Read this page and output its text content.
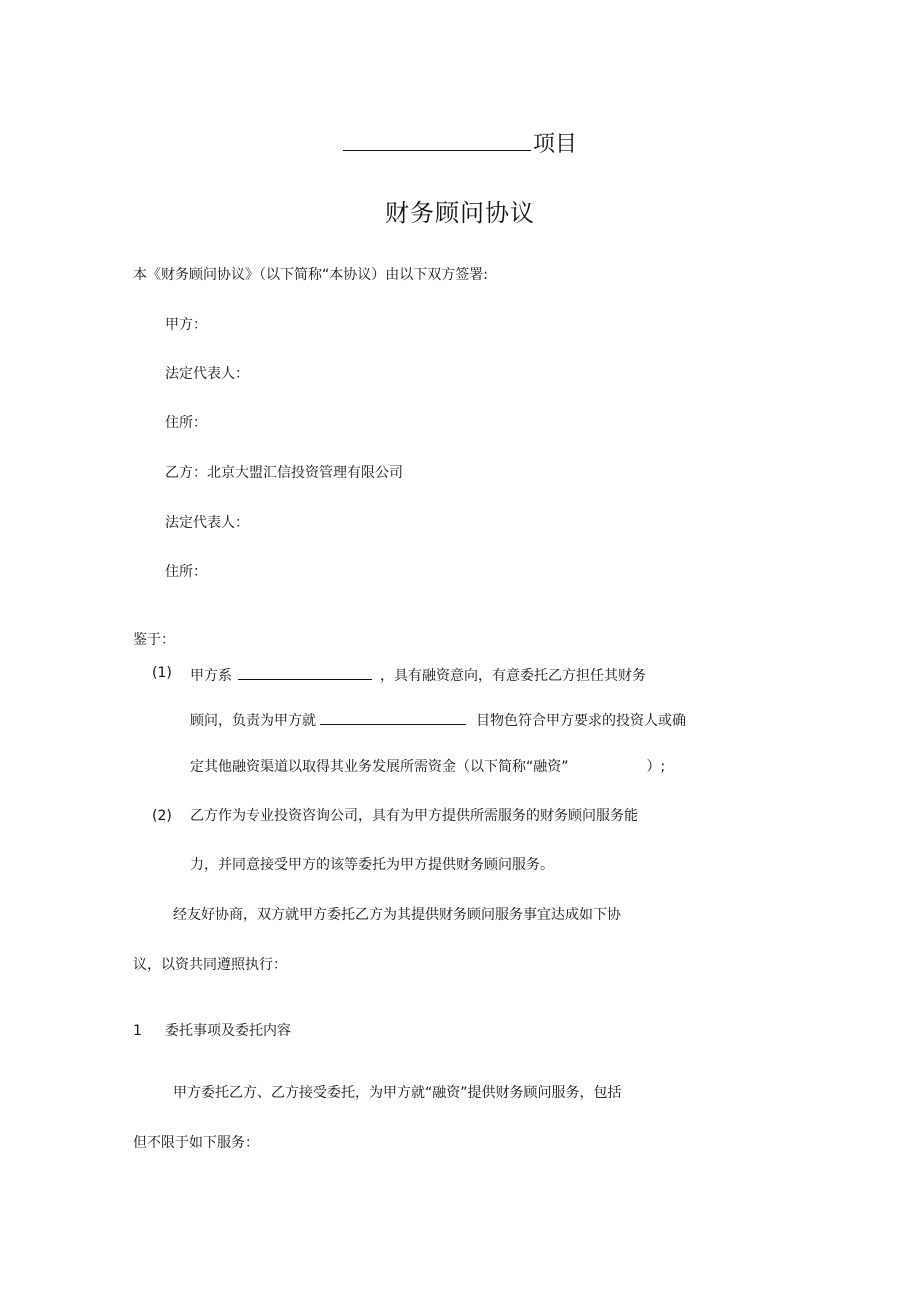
项目
财务顾问协议
本《财务顾问协议》（以下简称“本协议）由以下双方签署:
甲方：
法定代表人：
住所：
乙方：北京大盟汇信投资管理有限公司
法定代表人：
住所：
鉴于：
(1) 甲方系	，具有融资意向，有意委托乙方担任其财务
顾问，负责为甲方就	目物色符合甲方要求的投资人或确
定其他融资渠道以取得其业务发展所需资金（以下简称“融资”	）;
(2) 乙方作为专业投资咨询公司，具有为甲方提供所需服务的财务顾问服务能
力，并同意接受甲方的该等委托为甲方提供财务顾问服务。
经友好协商，双方就甲方委托乙方为其提供财务顾问服务事宜达成如下协
议，以资共同遵照执行：
1 委托事项及委托内容
甲方委托乙方、乙方接受委托，为甲方就“融资”提供财务顾问服务，包括
但不限于如下服务：
